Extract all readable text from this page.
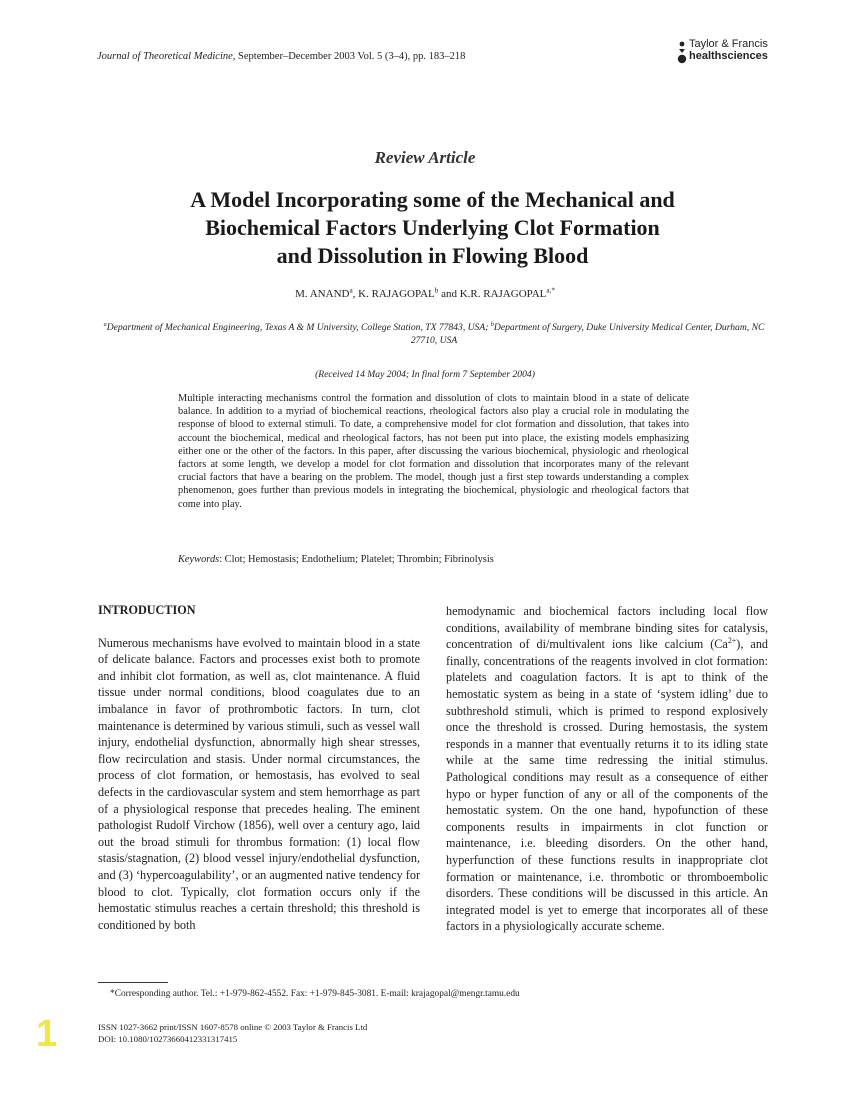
Journal of Theoretical Medicine, September–December 2003 Vol. 5 (3–4), pp. 183–218
Taylor & Francis
healthsciences
Review Article
A Model Incorporating some of the Mechanical and
Biochemical Factors Underlying Clot Formation
and Dissolution in Flowing Blood
M. ANAND$^a$, K. RAJAGOPAL$^b$ and K.R. $RAJAGOPAL^{a,*}$
$^a$Department of Mechanical Engineering, Texas A & M University, College Station, TX 77843, USA; $^b$Department of Surgery, Duke University Medical Center, Durham, NC 27710, USA
(Received 14 May 2004; In final form 7 September 2004)
Multiple interacting mechanisms control the formation and dissolution of clots to maintain blood in a state of delicate balance. In addition to a myriad of biochemical reactions, rheological factors also play a crucial role in modulating the response of blood to external stimuli. To date, a comprehensive model for clot formation and dissolution, that takes into account the biochemical, medical and rheological factors, has not been put into place, the existing models emphasizing either one or the other of the factors. In this paper, after discussing the various biochemical, physiologic and rheological factors at some length, we develop a model for clot formation and dissolution that incorporates many of the relevant crucial factors that have a bearing on the problem. The model, though just a first step towards understanding a complex phenomenon, goes further than previous models in integrating the biochemical, physiologic and rheological factors that come into play.
Keywords: Clot; Hemostasis; Endothelium; Platelet; Thrombin; Fibrinolysis
INTRODUCTION
Numerous mechanisms have evolved to maintain blood in a state of delicate balance. Factors and processes exist both to promote and inhibit clot formation, as well as, clot maintenance. A fluid tissue under normal conditions, blood coagulates due to an imbalance in favor of prothrombotic factors. In turn, clot maintenance is determined by various stimuli, such as vessel wall injury, endothelial dysfunction, abnormally high shear stresses, flow recirculation and stasis. Under normal circumstances, the process of clot formation, or hemostasis, has evolved to seal defects in the cardiovascular system and stem hemorrhage as part of a physiological response that precedes healing. The eminent pathologist Rudolf Virchow (1856), well over a century ago, laid out the broad stimuli for thrombus formation: (1) local flow stasis/stagnation, (2) blood vessel injury/endothelial dysfunction, and (3) ‘hypercoagulability’, or an augmented native tendency for blood to clot. Typically, clot formation occurs only if the hemostatic stimulus reaches a certain threshold; this threshold is conditioned by both
hemodynamic and biochemical factors including local flow conditions, availability of membrane binding sites for catalysis, concentration of di/multivalent ions like calcium $(Ca^{2+})$, and finally, concentrations of the reagents involved in clot formation: platelets and coagulation factors. It is apt to think of the hemostatic system as being in a state of ‘system idling’ due to subthreshold stimuli, which is primed to respond explosively once the threshold is crossed. During hemostasis, the system responds in a manner that eventually returns it to its idling state while at the same time redressing the initial stimulus. Pathological conditions may result as a consequence of either hypo or hyper function of any or all of the components of the hemostatic system. On the one hand, hypofunction of these components results in impairments in clot function or maintenance, i.e. bleeding disorders. On the other hand, hyperfunction of these functions results in inappropriate clot formation or maintenance, i.e. thrombotic or thromboembolic disorders. These conditions will be discussed in this article. An integrated model is yet to emerge that incorporates all of these factors in a physiologically accurate scheme.
*Corresponding author. Tel.: +1-979-862-4552. Fax: +1-979-845-3081. E-mail: krajagopal@mengr.tamu.edu
ISSN 1027-3662 print/ISSN 1607-8578 online © 2003 Taylor & Francis Ltd
DOI: 10.1080/10273660412331317415
1
